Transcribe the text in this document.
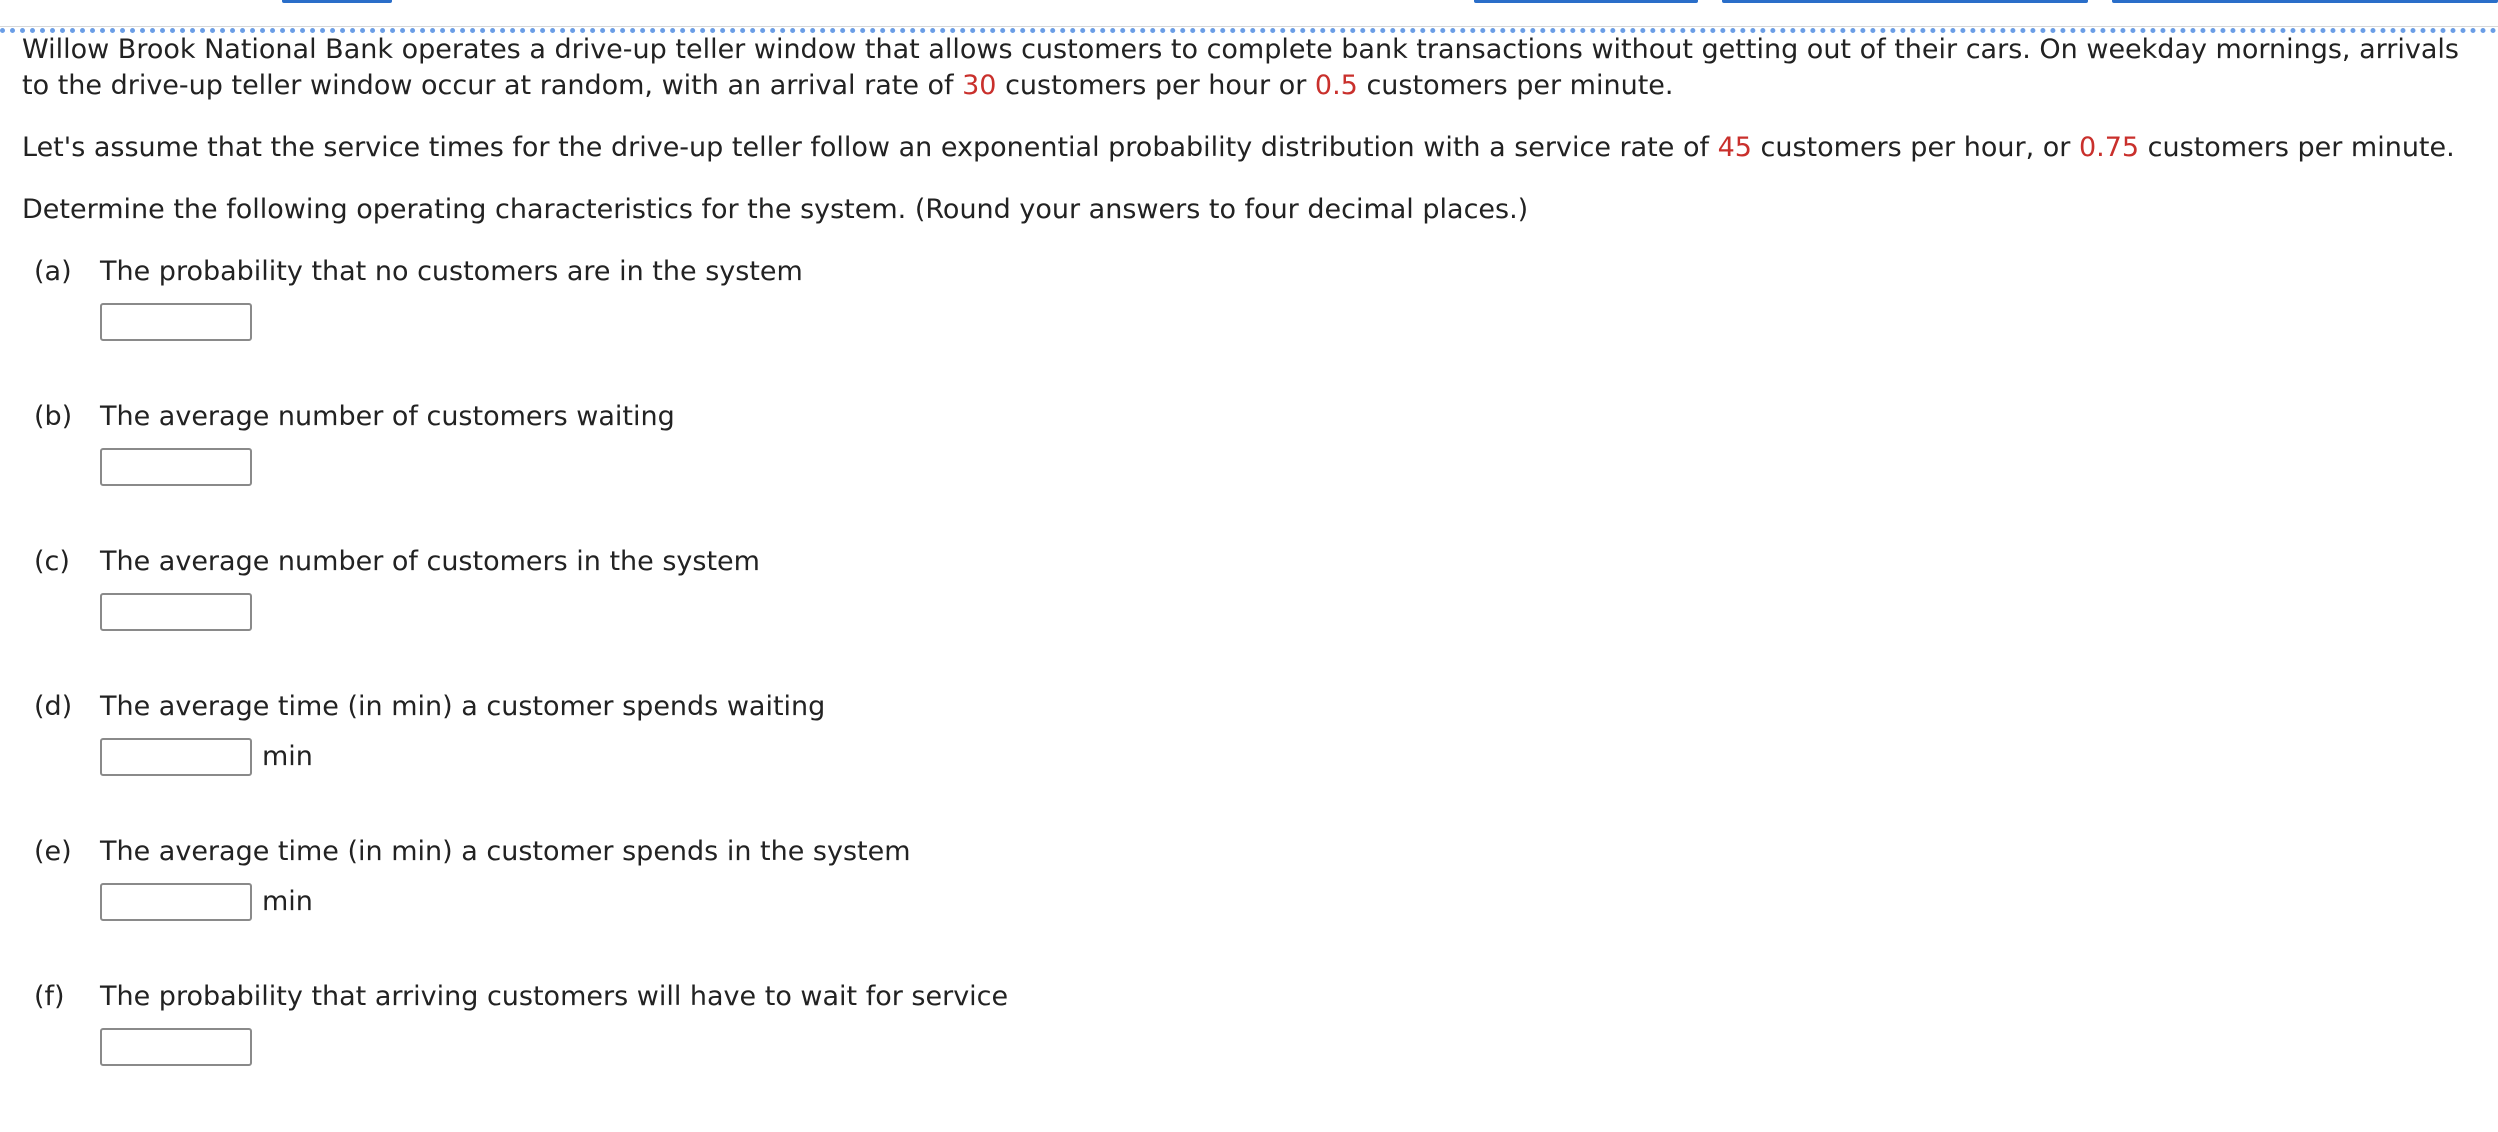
Willow Brook National Bank operates a drive-up teller window that allows customers to complete bank transactions without getting out of their cars. On weekday mornings, arrivals to the drive-up teller window occur at random, with an arrival rate of 30 customers per hour or 0.5 customers per minute.

Let's assume that the service times for the drive-up teller follow an exponential probability distribution with a service rate of 45 customers per hour, or 0.75 customers per minute.

Determine the following operating characteristics for the system. (Round your answers to four decimal places.)

(a) The probability that no customers are in the system
(b) The average number of customers waiting
(c) The average number of customers in the system
(d) The average time (in min) a customer spends waiting
min
(e) The average time (in min) a customer spends in the system
min
(f) The probability that arriving customers will have to wait for service
